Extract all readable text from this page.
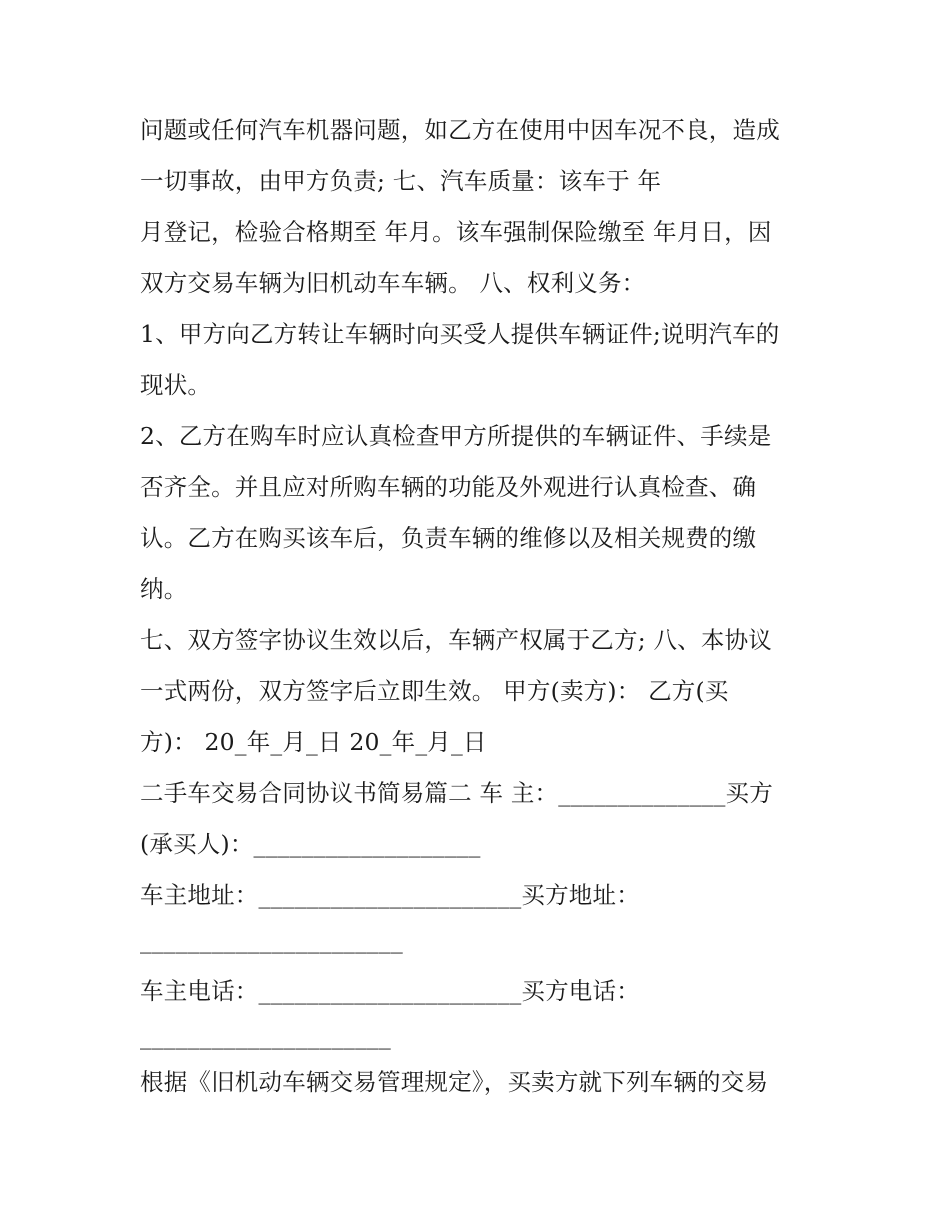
问题或任何汽车机器问题，如乙方在使用中因车况不良，造成
一切事故，由甲方负责; 七、汽车质量：该车于 年
月登记，检验合格期至 年月。该车强制保险缴至 年月日，因
双方交易车辆为旧机动车车辆。 八、权利义务：
1、甲方向乙方转让车辆时向买受人提供车辆证件;说明汽车的
现状。
2、乙方在购车时应认真检查甲方所提供的车辆证件、手续是
否齐全。并且应对所购车辆的功能及外观进行认真检查、确
认。乙方在购买该车后，负责车辆的维修以及相关规费的缴
纳。
七、双方签字协议生效以后，车辆产权属于乙方; 八、本协议
一式两份，双方签字后立即生效。 甲方(卖方)： 乙方(买
方)： 20_年_月_日 20_年_月_日
二手车交易合同协议书简易篇二 车 主：______________买方
(承买人)：___________________
车主地址：______________________买方地址：
______________________
车主电话：______________________买方电话：
_____________________
根据《旧机动车辆交易管理规定》，买卖方就下列车辆的交易
